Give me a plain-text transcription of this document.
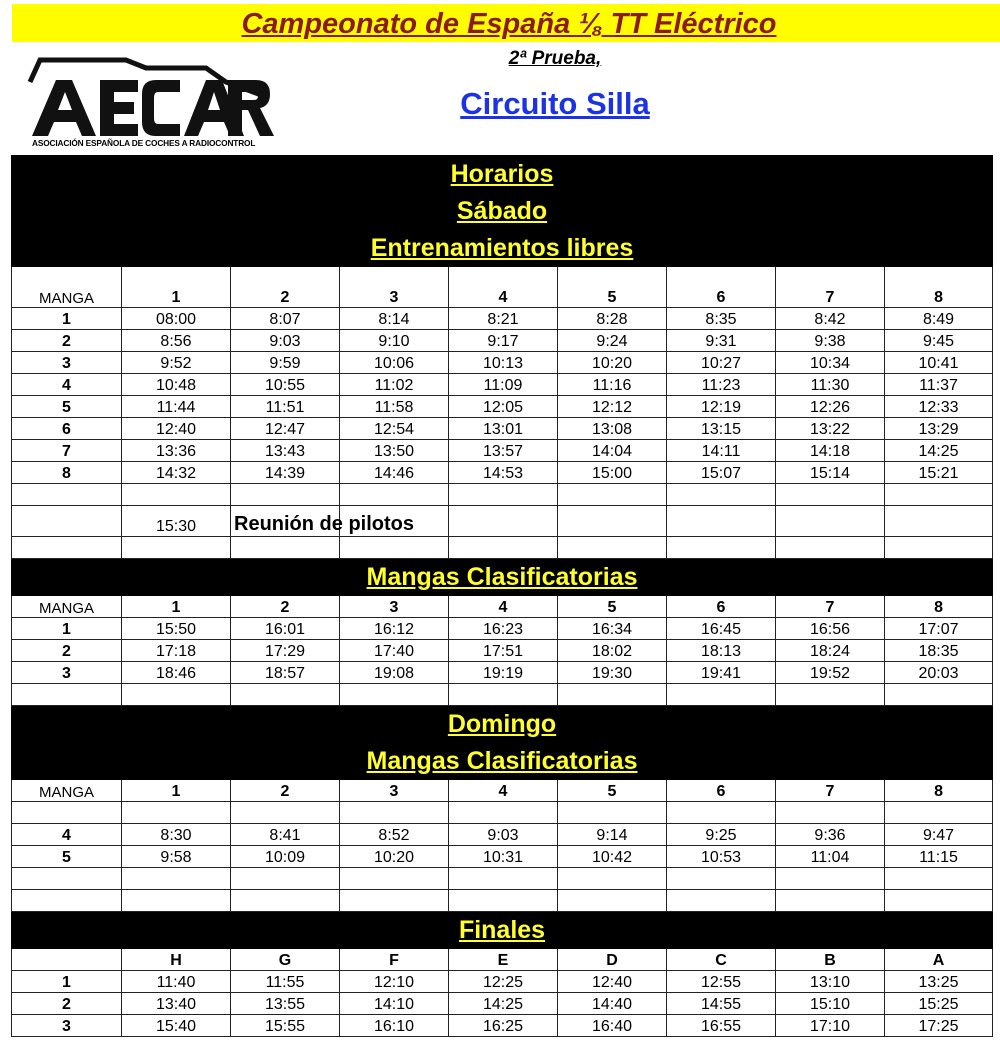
Campeonato de España ⅛ TT Eléctrico
ASOCIACIÓN ESPAÑOLA DE COCHES A RADIOCONTROL
2ª Prueba,
Circuito Silla
Horarios								
Sábado								
Entrenamientos libres								
MANGA	1	2	3	4	5	6	7	8
1	08:00	8:07	8:14	8:21	8:28	8:35	8:42	8:49
2	8:56	9:03	9:10	9:17	9:24	9:31	9:38	9:45
3	9:52	9:59	10:06	10:13	10:20	10:27	10:34	10:41
4	10:48	10:55	11:02	11:09	11:16	11:23	11:30	11:37
5	11:44	11:51	11:58	12:05	12:12	12:19	12:26	12:33
6	12:40	12:47	12:54	13:01	13:08	13:15	13:22	13:29
7	13:36	13:43	13:50	13:57	14:04	14:11	14:18	14:25
8	14:32	14:39	14:46	14:53	15:00	15:07	15:14	15:21

	15:30	Reunión de pilotos						

Mangas Clasificatorias								
MANGA	1	2	3	4	5	6	7	8
1	15:50	16:01	16:12	16:23	16:34	16:45	16:56	17:07
2	17:18	17:29	17:40	17:51	18:02	18:13	18:24	18:35
3	18:46	18:57	19:08	19:19	19:30	19:41	19:52	20:03

Domingo								
Mangas Clasificatorias								
MANGA	1	2	3	4	5	6	7	8

4	8:30	8:41	8:52	9:03	9:14	9:25	9:36	9:47
5	9:58	10:09	10:20	10:31	10:42	10:53	11:04	11:15

Finales								
	H	G	F	E	D	C	B	A
1	11:40	11:55	12:10	12:25	12:40	12:55	13:10	13:25
2	13:40	13:55	14:10	14:25	14:40	14:55	15:10	15:25
3	15:40	15:55	16:10	16:25	16:40	16:55	17:10	17:25
